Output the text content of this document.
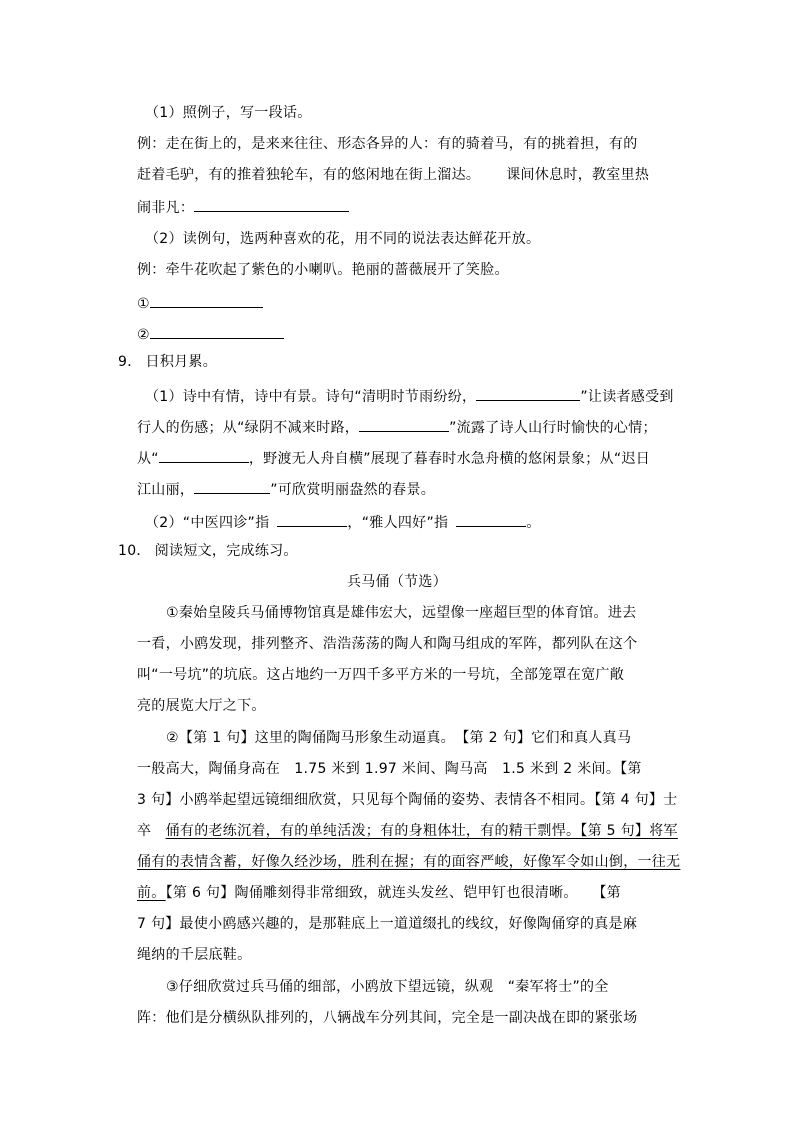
（1）照例子，写一段话。
例：走在街上的，是来来往往、形态各异的人：有的骑着马，有的挑着担，有的
赶着毛驴，有的推着独轮车，有的悠闲地在街上溜达。 课间休息时，教室里热
闹非凡：
（2）读例句，选两种喜欢的花，用不同的说法表达鲜花开放。
例：牵牛花吹起了紫色的小喇叭。艳丽的蔷薇展开了笑脸。
①
②
9． 日积月累。
（1）诗中有情，诗中有景。诗句“清明时节雨纷纷，	”让读者感受到
行人的伤感；从“绿阴不减来时路，	”流露了诗人山行时愉快的心情；
从“	，野渡无人舟自横”展现了暮春时水急舟横的悠闲景象；从“迟日
江山丽，	”可欣赏明丽盎然的春景。
（2）“中医四诊”指	，“雅人四好”指	。
10． 阅读短文，完成练习。
兵马俑（节选）
①秦始皇陵兵马俑博物馆真是雄伟宏大，远望像一座超巨型的体育馆。进去
一看，小鸥发现，排列整齐、浩浩荡荡的陶人和陶马组成的军阵，都列队在这个
叫“一号坑”的坑底。这占地约一万四千多平方米的一号坑，全部笼罩在宽广敞
亮的展览大厅之下。
②【第 1 句】这里的陶俑陶马形象生动逼真。　【第 2 句】它们和真人真马
一般高大，陶俑身高在　1.75 米到 1.97 米间、陶马高　1.5 米到 2 米间。【第
3 句】小鸥举起望远镜细细欣赏，只见每个陶俑的姿势、表情各不相同。【第 4 句】士
卒　俑有的老练沉着，有的单纯活泼；有的身粗体壮，有的精干剽悍。【第 5 句】将军
俑有的表情含蓄，好像久经沙场，胜利在握；有的面容严峻，好像军令如山倒，一往无
前。【第 6 句】陶俑雕刻得非常细致，就连头发丝、铠甲钉也很清晰。　　【第
7 句】最使小鸥感兴趣的，是那鞋底上一道道缀扎的线纹，好像陶俑穿的真是麻
绳纳的千层底鞋。
③仔细欣赏过兵马俑的细部，小鸥放下望远镜，纵观　“秦军将士”的全
阵：他们是分横纵队排列的，八辆战车分列其间，完全是一副决战在即的紧张场
